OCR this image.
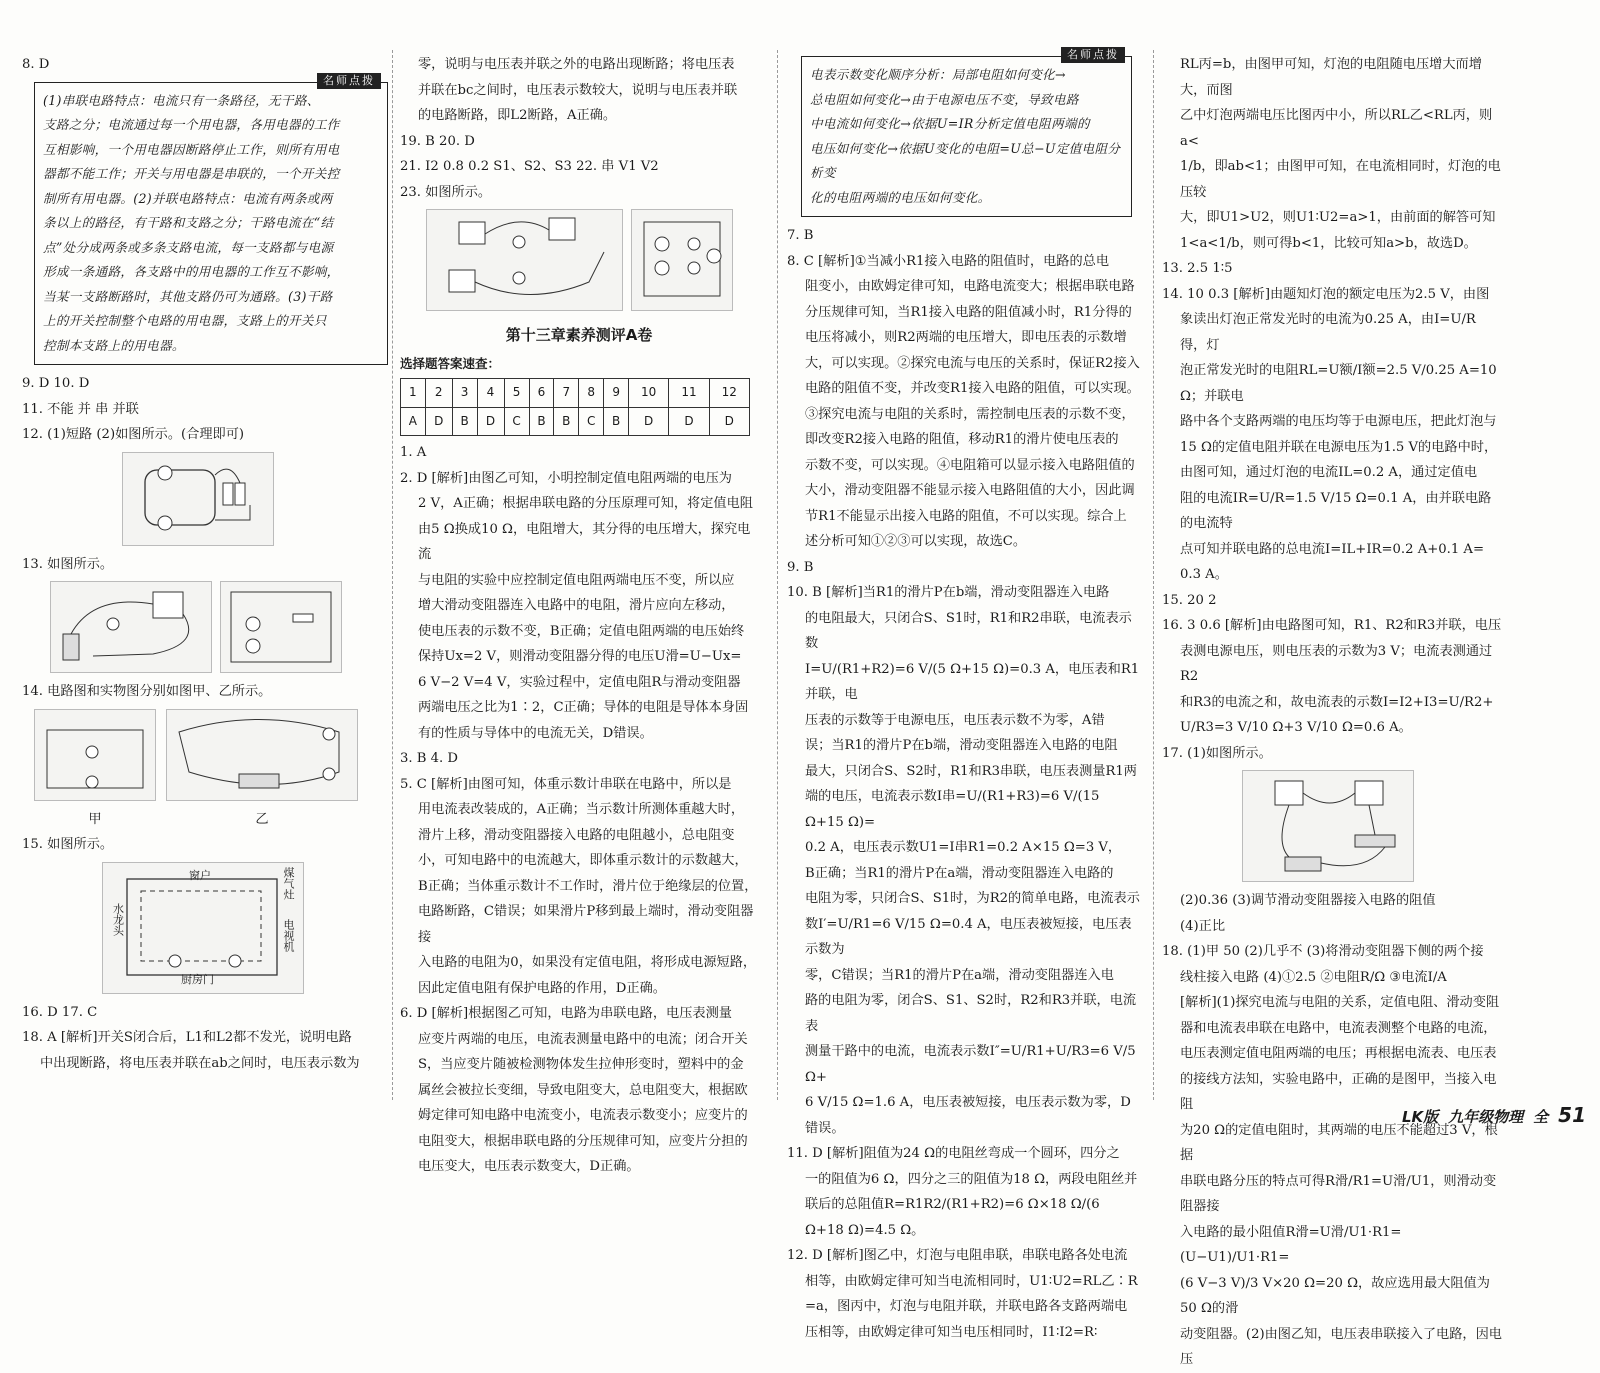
8. D

名师点拨

(1)串联电路特点：电流只有一条路径，无干路、

支路之分；电流通过每一个用电器，各用电器的工作

互相影响，一个用电器因断路停止工作，则所有用电

器都不能工作；开关与用电器是串联的，一个开关控

制所有用电器。(2)并联电路特点：电流有两条或两

条以上的路径，有干路和支路之分；干路电流在“结

点”处分成两条或多条支路电流，每一支路都与电源

形成一条通路，各支路中的用电器的工作互不影响，

当某一支路断路时，其他支路仍可为通路。(3)干路

上的开关控制整个电路的用电器，支路上的开关只

控制本支路上的用电器。

9. D 10. D

11. 不能 并 串 并联

12. (1)短路 (2)如图所示。(合理即可)

13. 如图所示。

14. 电路图和实物图分别如图甲、乙所示。

甲	乙

15. 如图所示。

窗户
水龙头
煤气灶
电视机
厨房门

16. D 17. C

18. A [解析]开关S闭合后，L1和L2都不发光，说明电路

中出现断路，将电压表并联在ab之间时，电压表示数为

零，说明与电压表并联之外的电路出现断路；将电压表

并联在bc之间时，电压表示数较大，说明与电压表并联

的电路断路，即L2断路，A正确。

19. B 20. D

21. I2 0.8 0.2 S1、S2、S3 22. 串 V1 V2

23. 如图所示。

第十三章素养测评A卷

选择题答案速查：

1	2	3	4	5	6	7	8	9	10	11	12
A	D	B	D	C	B	B	C	B	D	D	D

1. A

2. D [解析]由图乙可知，小明控制定值电阻两端的电压为

2 V，A正确；根据串联电路的分压原理可知，将定值电阻

由5 Ω换成10 Ω，电阻增大，其分得的电压增大，探究电流

与电阻的实验中应控制定值电阻两端电压不变，所以应

增大滑动变阻器连入电路中的电阻，滑片应向左移动，

使电压表的示数不变，B正确；定值电阻两端的电压始终

保持Ux=2 V，则滑动变阻器分得的电压U滑=U−Ux=

6 V−2 V=4 V，实验过程中，定值电阻R与滑动变阻器

两端电压之比为1∶2，C正确；导体的电阻是导体本身固

有的性质与导体中的电流无关，D错误。

3. B 4. D

5. C [解析]由图可知，体重示数计串联在电路中，所以是

用电流表改装成的，A正确；当示数计所测体重越大时，

滑片上移，滑动变阻器接入电路的电阻越小，总电阻变

小，可知电路中的电流越大，即体重示数计的示数越大，

B正确；当体重示数计不工作时，滑片位于绝缘层的位置，

电路断路，C错误；如果滑片P移到最上端时，滑动变阻器接

入电路的电阻为0，如果没有定值电阻，将形成电源短路，

因此定值电阻有保护电路的作用，D正确。

6. D [解析]根据图乙可知，电路为串联电路，电压表测量

应变片两端的电压，电流表测量电路中的电流；闭合开关

S，当应变片随被检测物体发生拉伸形变时，塑料中的金

属丝会被拉长变细，导致电阻变大，总电阻变大，根据欧

姆定律可知电路中电流变小，电流表示数变小；应变片的

电阻变大，根据串联电路的分压规律可知，应变片分担的

电压变大，电压表示数变大，D正确。

名师点拨

电表示数变化顺序分析：局部电阻如何变化→

总电阻如何变化→由于电源电压不变，导致电路

中电流如何变化→依据U=IR分析定值电阻两端的

电压如何变化→依据U变化的电阻=U总−U定值电阻分析变

化的电阻两端的电压如何变化。

7. B

8. C [解析]①当减小R1接入电路的阻值时，电路的总电

阻变小，由欧姆定律可知，电路电流变大；根据串联电路

分压规律可知，当R1接入电路的阻值减小时，R1分得的

电压将减小，则R2两端的电压增大，即电压表的示数增

大，可以实现。②探究电流与电压的关系时，保证R2接入

电路的阻值不变，并改变R1接入电路的阻值，可以实现。

③探究电流与电阻的关系时，需控制电压表的示数不变，

即改变R2接入电路的阻值，移动R1的滑片使电压表的

示数不变，可以实现。④电阻箱可以显示接入电路阻值的

大小，滑动变阻器不能显示接入电路阻值的大小，因此调

节R1不能显示出接入电路的阻值，不可以实现。综合上

述分析可知①②③可以实现，故选C。

9. B

10. B [解析]当R1的滑片P在b端，滑动变阻器连入电路

的电阻最大，只闭合S、S1时，R1和R2串联，电流表示数

I=U/(R1+R2)=6 V/(5 Ω+15 Ω)=0.3 A，电压表和R1并联，电

压表的示数等于电源电压，电压表示数不为零，A错

误；当R1的滑片P在b端，滑动变阻器连入电路的电阻

最大，只闭合S、S2时，R1和R3串联，电压表测量R1两

端的电压，电流表示数I串=U/(R1+R3)=6 V/(15 Ω+15 Ω)=

0.2 A，电压表示数U1=I串R1=0.2 A×15 Ω=3 V，

B正确；当R1的滑片P在a端，滑动变阻器连入电路的

电阻为零，只闭合S、S1时，为R2的简单电路，电流表示

数I′=U/R1=6 V/15 Ω=0.4 A，电压表被短接，电压表示数为

零，C错误；当R1的滑片P在a端，滑动变阻器连入电

路的电阻为零，闭合S、S1、S2时，R2和R3并联，电流表

测量干路中的电流，电流表示数I″=U/R1+U/R3=6 V/5 Ω+

6 V/15 Ω=1.6 A，电压表被短接，电压表示数为零，D错误。

11. D [解析]阻值为24 Ω的电阻丝弯成一个圆环，四分之

一的阻值为6 Ω，四分之三的阻值为18 Ω，两段电阻丝并

联后的总阻值R=R1R2/(R1+R2)=6 Ω×18 Ω/(6 Ω+18 Ω)=4.5 Ω。

12. D [解析]图乙中，灯泡与电阻串联，串联电路各处电流

相等，由欧姆定律可知当电流相同时，U1∶U2=RL乙∶R

=a，图丙中，灯泡与电阻并联，并联电路各支路两端电

压相等，由欧姆定律可知当电压相同时，I1∶I2=R∶

RL丙=b，由图甲可知，灯泡的电阻随电压增大而增大，而图

乙中灯泡两端电压比图丙中小，所以RL乙<RL丙，则a<

1/b，即ab<1；由图甲可知，在电流相同时，灯泡的电压较

大，即U1>U2，则U1∶U2=a>1，由前面的解答可知

1<a<1/b，则可得b<1，比较可知a>b，故选D。

13. 2.5 1∶5

14. 10 0.3 [解析]由题知灯泡的额定电压为2.5 V，由图

象读出灯泡正常发光时的电流为0.25 A，由I=U/R得，灯

泡正常发光时的电阻RL=U额/I额=2.5 V/0.25 A=10 Ω；并联电

路中各个支路两端的电压均等于电源电压，把此灯泡与

15 Ω的定值电阻并联在电源电压为1.5 V的电路中时，

由图可知，通过灯泡的电流IL=0.2 A，通过定值电

阻的电流IR=U/R=1.5 V/15 Ω=0.1 A，由并联电路的电流特

点可知并联电路的总电流I=IL+IR=0.2 A+0.1 A=

0.3 A。

15. 20 2

16. 3 0.6 [解析]由电路图可知，R1、R2和R3并联，电压

表测电源电压，则电压表的示数为3 V；电流表测通过R2

和R3的电流之和，故电流表的示数I=I2+I3=U/R2+

U/R3=3 V/10 Ω+3 V/10 Ω=0.6 A。

17. (1)如图所示。

(2)0.36 (3)调节滑动变阻器接入电路的阻值

(4)正比

18. (1)甲 50 (2)几乎不 (3)将滑动变阻器下侧的两个接

线柱接入电路 (4)①2.5 ②电阻R/Ω ③电流I/A

[解析](1)探究电流与电阻的关系，定值电阻、滑动变阻

器和电流表串联在电路中，电流表测整个电路的电流，

电压表测定值电阻两端的电压；再根据电流表、电压表

的接线方法知，实验电路中，正确的是图甲，当接入电阻

为20 Ω的定值电阻时，其两端的电压不能超过3 V，根据

串联电路分压的特点可得R滑/R1=U滑/U1，则滑动变阻器接

入电路的最小阻值R滑=U滑/U1·R1=(U−U1)/U1·R1=

(6 V−3 V)/3 V×20 Ω=20 Ω，故应选用最大阻值为50 Ω的滑

动变阻器。(2)由图乙知，电压表串联接入了电路，因电压

LK版 九年级物理 全 51
